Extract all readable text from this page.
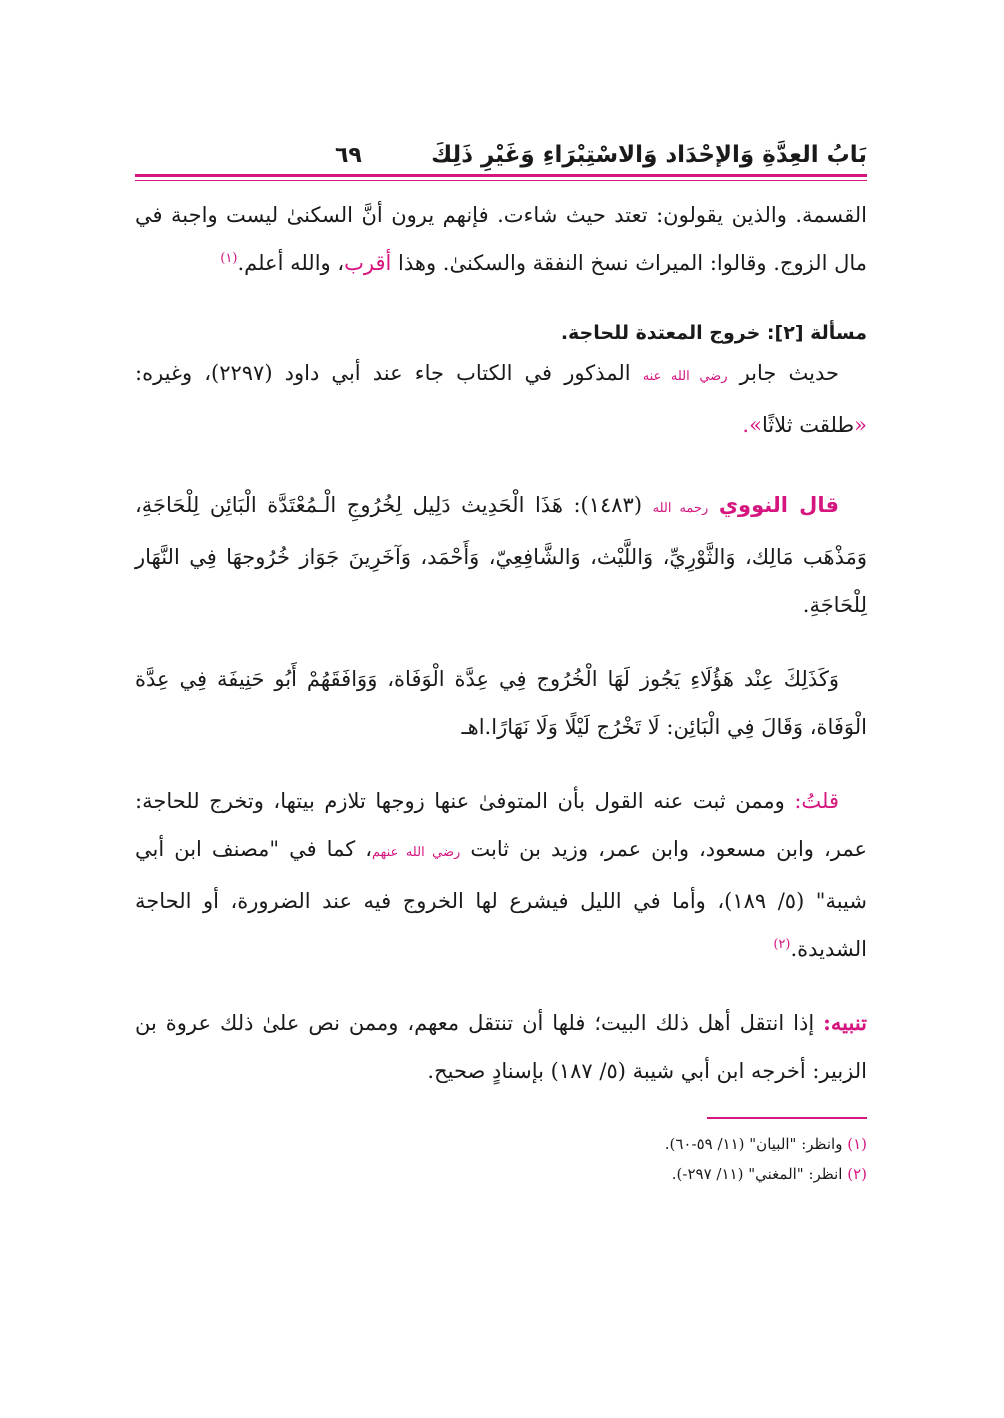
بَابُ العِدَّةِ وَالإحْدَاد وَالاسْتِبْرَاءِ وَغَيْرِ ذَلِكَ
٦٩

القسمة. والذين يقولون: تعتد حيث شاءت. فإنهم يرون أنَّ السكنىٰ ليست واجبة في مال الزوج. وقالوا: الميراث نسخ النفقة والسكنىٰ. وهذا أقرب، والله أعلم.$^{(١)}$

مسألة [٢]: خروج المعتدة للحاجة.

حديث جابر رضي الله عنه المذكور في الكتاب جاء عند أبي داود (٢٢٩٧)، وغيره: «طلقت ثلاثًا».

قال النووي رحمه الله (١٤٨٣): هَذَا الْحَدِيث دَلِيل لِخُرُوجِ الْـمُعْتَدَّة الْبَائِن لِلْحَاجَةِ، وَمَذْهَب مَالِك، وَالثَّوْرِيِّ، وَاللَّيْث، وَالشَّافِعِيّ، وَأَحْمَد، وَآخَرِينَ جَوَاز خُرُوجهَا فِي النَّهَار لِلْحَاجَةِ.

وَكَذَلِكَ عِنْد هَؤُلَاءِ يَجُوز لَهَا الْخُرُوج فِي عِدَّة الْوَفَاة، وَوَافَقَهُمْ أَبُو حَنِيفَة فِي عِدَّة الْوَفَاة، وَقَالَ فِي الْبَائِن: لَا تَخْرُج لَيْلًا وَلَا نَهَارًا.اهـ

قلتُ: وممن ثبت عنه القول بأن المتوفىٰ عنها زوجها تلازم بيتها، وتخرج للحاجة: عمر، وابن مسعود، وابن عمر، وزيد بن ثابت رضي الله عنهم، كما في "مصنف ابن أبي شيبة" (٥/ ١٨٩)، وأما في الليل فيشرع لها الخروج فيه عند الضرورة، أو الحاجة الشديدة.$^{(٢)}$

تنبيه: إذا انتقل أهل ذلك البيت؛ فلها أن تنتقل معهم، وممن نص علىٰ ذلك عروة بن الزبير: أخرجه ابن أبي شيبة (٥/ ١٨٧) بإسنادٍ صحيح.

(١) وانظر: "البيان" (١١/ ٥٩-٦٠).
(٢) انظر: "المغني" (١١/ ٢٩٧-).
